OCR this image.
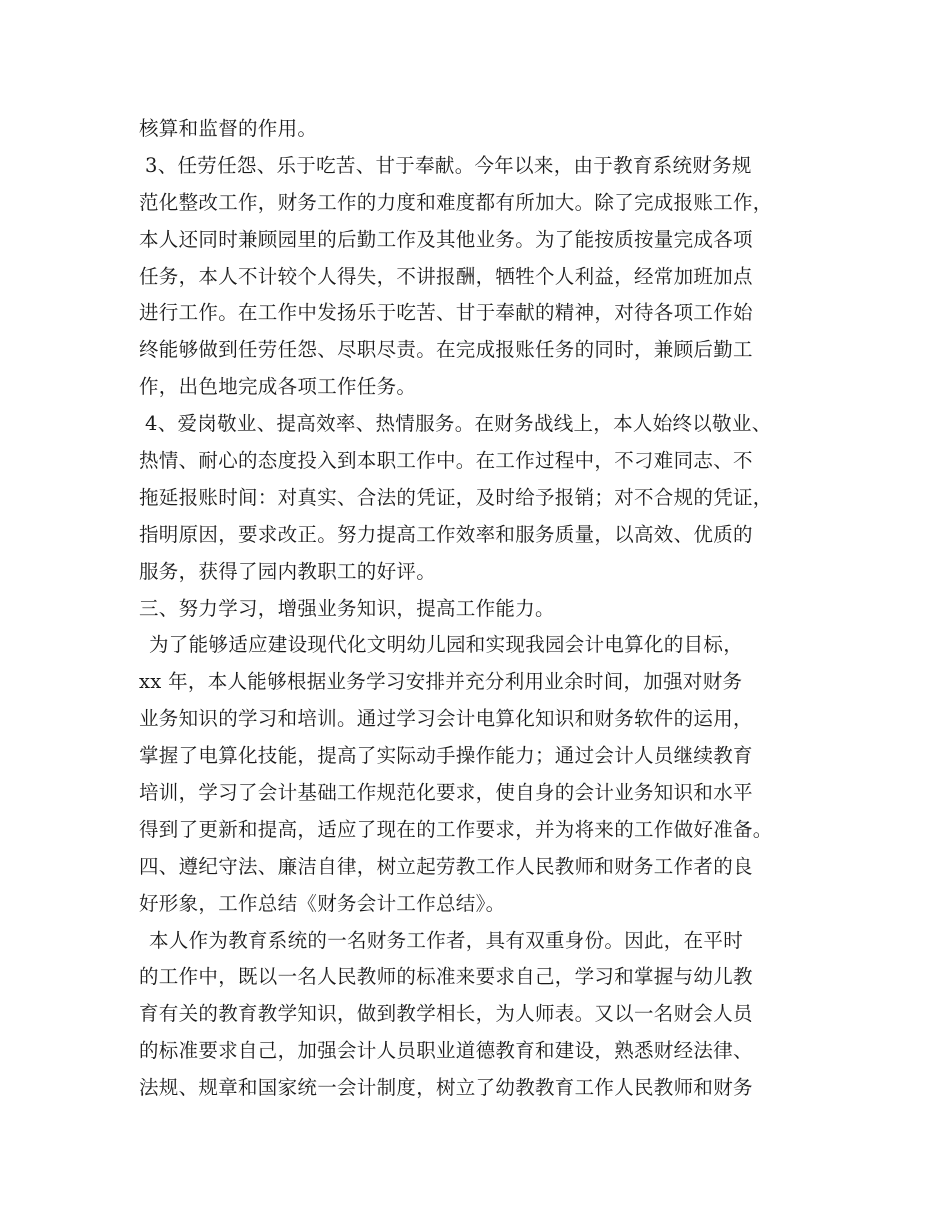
核算和监督的作用。
3、任劳任怨、乐于吃苦、甘于奉献。今年以来，由于教育系统财务规
范化整改工作，财务工作的力度和难度都有所加大。除了完成报账工作，
本人还同时兼顾园里的后勤工作及其他业务。为了能按质按量完成各项
任务，本人不计较个人得失，不讲报酬，牺牲个人利益，经常加班加点
进行工作。在工作中发扬乐于吃苦、甘于奉献的精神，对待各项工作始
终能够做到任劳任怨、尽职尽责。在完成报账任务的同时，兼顾后勤工
作，出色地完成各项工作任务。
4、爱岗敬业、提高效率、热情服务。在财务战线上，本人始终以敬业、
热情、耐心的态度投入到本职工作中。在工作过程中，不刁难同志、不
拖延报账时间：对真实、合法的凭证，及时给予报销；对不合规的凭证，
指明原因，要求改正。努力提高工作效率和服务质量，以高效、优质的
服务，获得了园内教职工的好评。
三、努力学习，增强业务知识，提高工作能力。
为了能够适应建设现代化文明幼儿园和实现我园会计电算化的目标，
xx 年，本人能够根据业务学习安排并充分利用业余时间，加强对财务
业务知识的学习和培训。通过学习会计电算化知识和财务软件的运用，
掌握了电算化技能，提高了实际动手操作能力；通过会计人员继续教育
培训，学习了会计基础工作规范化要求，使自身的会计业务知识和水平
得到了更新和提高，适应了现在的工作要求，并为将来的工作做好准备。
四、遵纪守法、廉洁自律，树立起劳教工作人民教师和财务工作者的良
好形象，工作总结《财务会计工作总结》。
本人作为教育系统的一名财务工作者，具有双重身份。因此，在平时
的工作中，既以一名人民教师的标准来要求自己，学习和掌握与幼儿教
育有关的教育教学知识，做到教学相长，为人师表。又以一名财会人员
的标准要求自己，加强会计人员职业道德教育和建设，熟悉财经法律、
法规、规章和国家统一会计制度，树立了幼教教育工作人民教师和财务
